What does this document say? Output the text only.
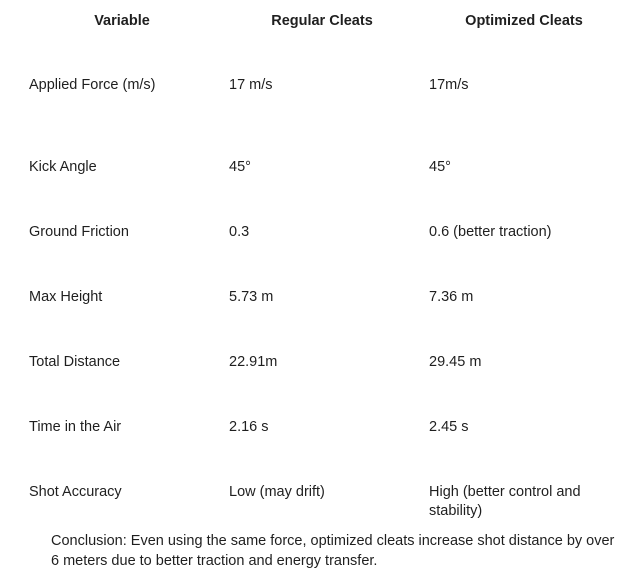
Variable	Regular Cleats	Optimized Cleats
Applied Force (m/s)	17 m/s	17m/s
Kick Angle	45°	45°
Ground Friction	0.3	0.6 (better traction)
Max Height	5.73 m	7.36 m
Total Distance	22.91m	29.45 m
Time in the Air	2.16 s	2.45 s
Shot Accuracy	Low (may drift)	High (better control and stability)

Conclusion: Even using the same force, optimized cleats increase shot distance by over 6 meters due to better traction and energy transfer.
